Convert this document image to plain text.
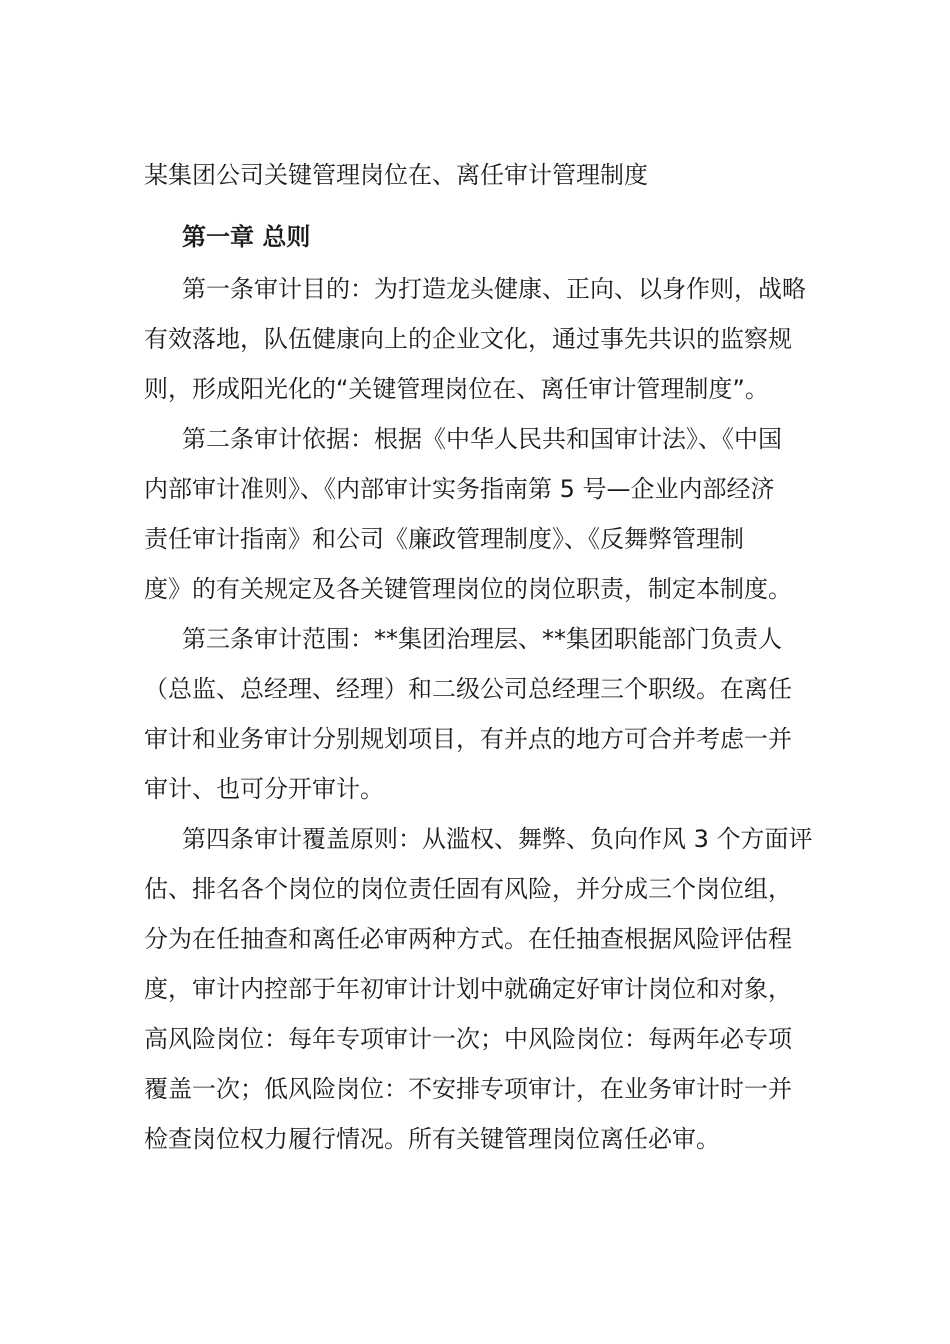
某集团公司关键管理岗位在、离任审计管理制度
第一章 总则
第一条审计目的：为打造龙头健康、正向、以身作则，战略
有效落地，队伍健康向上的企业文化，通过事先共识的监察规
则，形成阳光化的“关键管理岗位在、离任审计管理制度”。
第二条审计依据：根据《中华人民共和国审计法》、《中国
内部审计准则》、《内部审计实务指南第 5 号—企业内部经济
责任审计指南》和公司《廉政管理制度》、《反舞弊管理制
度》的有关规定及各关键管理岗位的岗位职责，制定本制度。
第三条审计范围：**集团治理层、**集团职能部门负责人
（总监、总经理、经理）和二级公司总经理三个职级。在离任
审计和业务审计分别规划项目，有并点的地方可合并考虑一并
审计、也可分开审计。
第四条审计覆盖原则：从滥权、舞弊、负向作风 3 个方面评
估、排名各个岗位的岗位责任固有风险，并分成三个岗位组，
分为在任抽查和离任必审两种方式。在任抽查根据风险评估程
度，审计内控部于年初审计计划中就确定好审计岗位和对象，
高风险岗位：每年专项审计一次；中风险岗位：每两年必专项
覆盖一次；低风险岗位：不安排专项审计，在业务审计时一并
检查岗位权力履行情况。所有关键管理岗位离任必审。
